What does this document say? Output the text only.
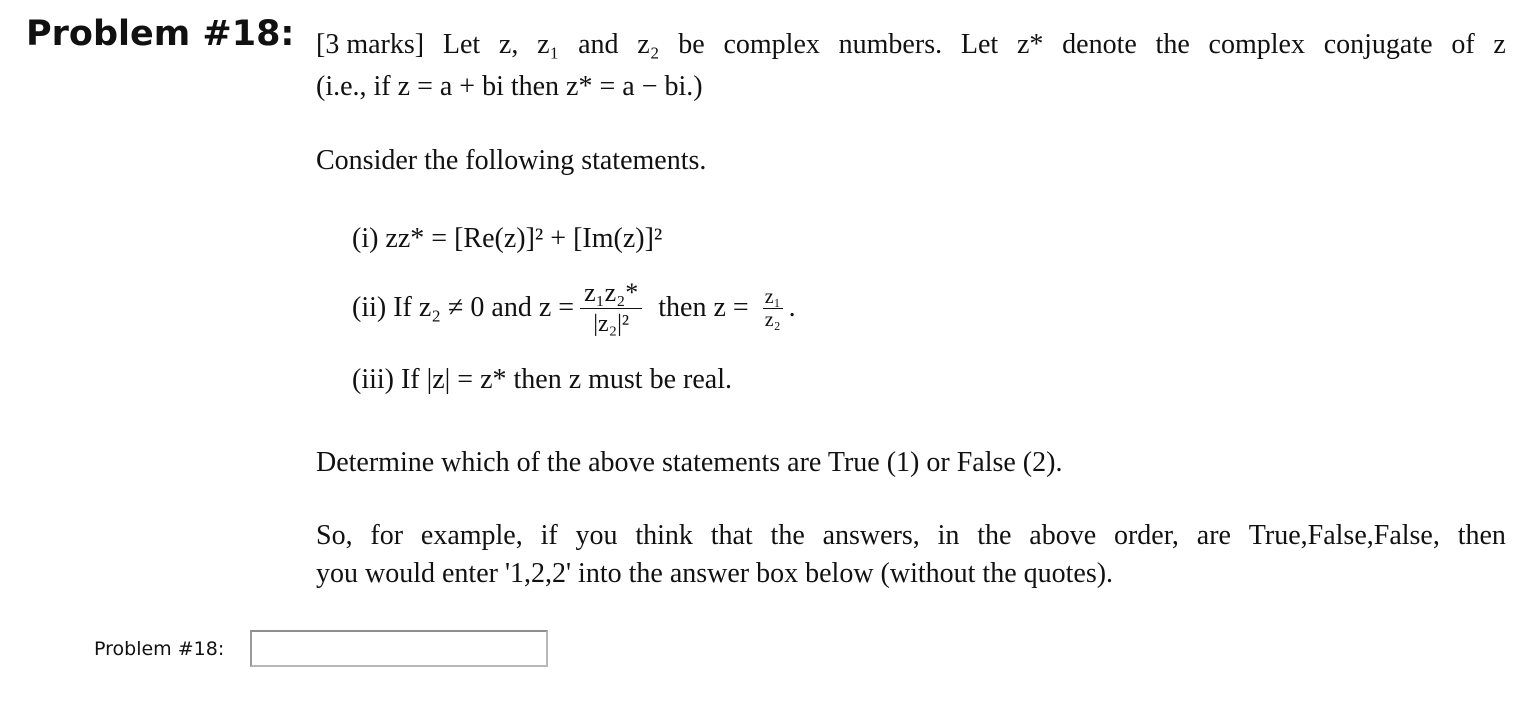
Problem #18: [3 marks] Let z, z₁ and z₂ be complex numbers. Let z* denote the complex conjugate of z
(i.e., if z = a + bi then z* = a − bi.)
Consider the following statements.
(i) zz* = [Re(z)]² + [Im(z)]²
(ii) If z₂ ≠ 0 and $z = \frac{\text{z₁z₂*}}{\text{|z₂|²}}$ then $z = \frac{\text{z₁}}{\text{z₂}}$ .
(iii) If |z| = z* then z must be real.
Determine which of the above statements are True (1) or False (2).
So, for example, if you think that the answers, in the above order, are True,False,False, then
you would enter '1,2,2' into the answer box below (without the quotes).
Problem #18:
